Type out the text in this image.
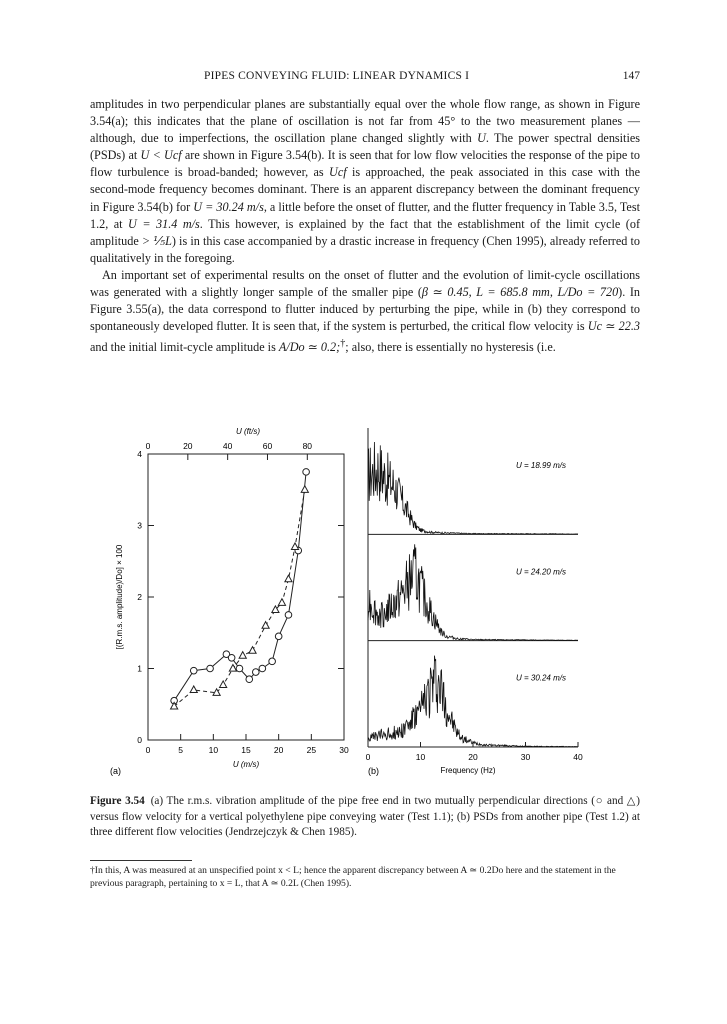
PIPES CONVEYING FLUID: LINEAR DYNAMICS I	147

amplitudes in two perpendicular planes are substantially equal over the whole flow range, as shown in Figure 3.54(a); this indicates that the plane of oscillation is not far from 45° to the two measurement planes — although, due to imperfections, the oscillation plane changed slightly with U. The power spectral densities (PSDs) at U < Ucf are shown in Figure 3.54(b). It is seen that for low flow velocities the response of the pipe to flow turbulence is broad-banded; however, as Ucf is approached, the peak associated in this case with the second-mode frequency becomes dominant. There is an apparent discrepancy between the dominant frequency in Figure 3.54(b) for U = 30.24 m/s, a little before the onset of flutter, and the flutter frequency in Table 3.5, Test 1.2, at U = 31.4 m/s. This however, is explained by the fact that the establishment of the limit cycle (of amplitude > ⅕L) is in this case accompanied by a drastic increase in frequency (Chen 1995), already referred to qualitatively in the foregoing.

An important set of experimental results on the onset of flutter and the evolution of limit-cycle oscillations was generated with a slightly longer sample of the smaller pipe (β ≃ 0.45, L = 685.8 mm, L/Do = 720). In Figure 3.55(a), the data correspond to flutter induced by perturbing the pipe, while in (b) they correspond to spontaneously developed flutter. It is seen that, if the system is perturbed, the critical flow velocity is Uc ≃ 22.3 and the initial limit-cycle amplitude is A/Do ≃ 0.2;†; also, there is essentially no hysteresis (i.e.

0	5	10	15	20	25	30
0
1
2
3
4
0	20	40	60	80
U (ft/s)
U (m/s)
[(R.m.s. amplitude)/Do] × 100
U = 18.99 m/s
U = 24.20 m/s
U = 30.24 m/s
0	10	20	30	40
Frequency (Hz)
(a)	(b)
Figure 3.54 (a) The r.m.s. vibration amplitude of the pipe free end in two mutually perpendicular directions (○ and △) versus flow velocity for a vertical polyethylene pipe conveying water (Test 1.1); (b) PSDs from another pipe (Test 1.2) at three different flow velocities (Jendrzejczyk & Chen 1985).
†In this, A was measured at an unspecified point x < L; hence the apparent discrepancy between A ≃ 0.2Do here and the statement in the previous paragraph, pertaining to x = L, that A ≃ 0.2L (Chen 1995).
